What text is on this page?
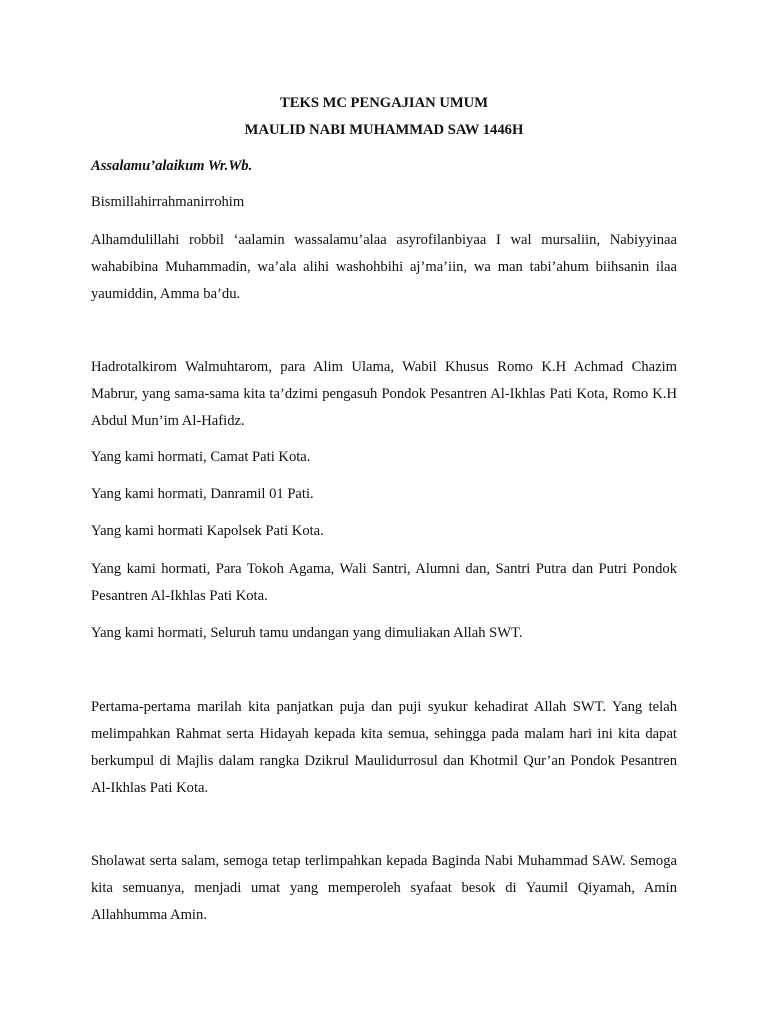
TEKS MC PENGAJIAN UMUM

MAULID NABI MUHAMMAD SAW 1446H

Assalamu’alaikum Wr.Wb.

Bismillahirrahmanirrohim

Alhamdulillahi robbil ‘aalamin wassalamu’alaa asyrofilanbiyaa I wal mursaliin, Nabiyyinaa wahabibina Muhammadin, wa’ala alihi washohbihi aj’ma’iin, wa man tabi’ahum biihsanin ilaa yaumiddin, Amma ba’du.

Hadrotalkirom Walmuhtarom, para Alim Ulama, Wabil Khusus Romo K.H Achmad Chazim Mabrur, yang sama-sama kita ta’dzimi pengasuh Pondok Pesantren Al-Ikhlas Pati Kota, Romo K.H Abdul Mun’im Al-Hafidz.

Yang kami hormati, Camat Pati Kota.

Yang kami hormati, Danramil 01 Pati.

Yang kami hormati Kapolsek Pati Kota.

Yang kami hormati, Para Tokoh Agama, Wali Santri, Alumni dan, Santri Putra dan Putri Pondok Pesantren Al-Ikhlas Pati Kota.

Yang kami hormati, Seluruh tamu undangan yang dimuliakan Allah SWT.

Pertama-pertama marilah kita panjatkan puja dan puji syukur kehadirat Allah SWT. Yang telah melimpahkan Rahmat serta Hidayah kepada kita semua, sehingga pada malam hari ini kita dapat berkumpul di Majlis dalam rangka Dzikrul Maulidurrosul dan Khotmil Qur’an Pondok Pesantren Al-Ikhlas Pati Kota.

Sholawat serta salam, semoga tetap terlimpahkan kepada Baginda Nabi Muhammad SAW. Semoga kita semuanya, menjadi umat yang memperoleh syafaat besok di Yaumil Qiyamah, Amin Allahhumma Amin.
